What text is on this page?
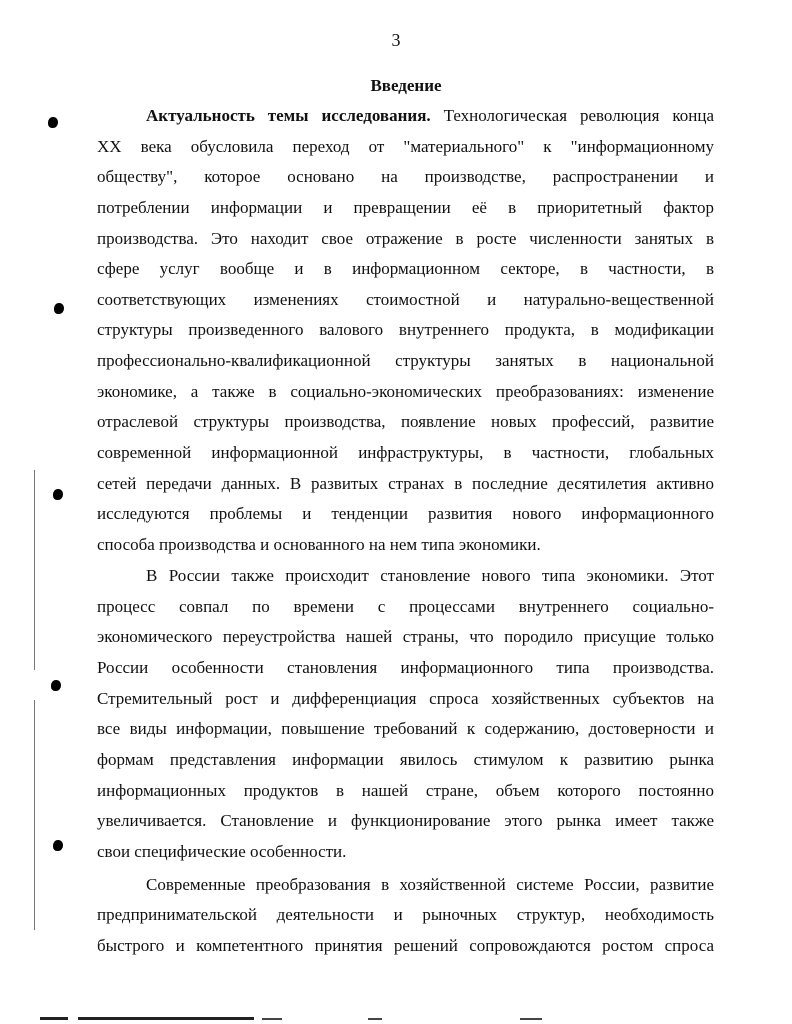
3
Введение
Актуальность темы исследования. Технологическая революция конца
XX века обусловила переход от "материального" к "информационному
обществу", которое основано на производстве, распространении и
потреблении информации и превращении её в приоритетный фактор
производства. Это находит свое отражение в росте численности занятых в
сфере услуг вообще и в информационном секторе, в частности, в
соответствующих изменениях стоимостной и натурально-вещественной
структуры произведенного валового внутреннего продукта, в модификации
профессионально-квалификационной структуры занятых в национальной
экономике, а также в социально-экономических преобразованиях: изменение
отраслевой структуры производства, появление новых профессий, развитие
современной информационной инфраструктуры, в частности, глобальных
сетей передачи данных. В развитых странах в последние десятилетия активно
исследуются проблемы и тенденции развития нового информационного
способа производства и основанного на нем типа экономики.
В России также происходит становление нового типа экономики. Этот
процесс совпал по времени с процессами внутреннего социально-
экономического переустройства нашей страны, что породило присущие только
России особенности становления информационного типа производства.
Стремительный рост и дифференциация спроса хозяйственных субъектов на
все виды информации, повышение требований к содержанию, достоверности и
формам представления информации явилось стимулом к развитию рынка
информационных продуктов в нашей стране, объем которого постоянно
увеличивается. Становление и функционирование этого рынка имеет также
свои специфические особенности.
Современные преобразования в хозяйственной системе России, развитие
предпринимательской деятельности и рыночных структур, необходимость
быстрого и компетентного принятия решений сопровождаются ростом спроса
